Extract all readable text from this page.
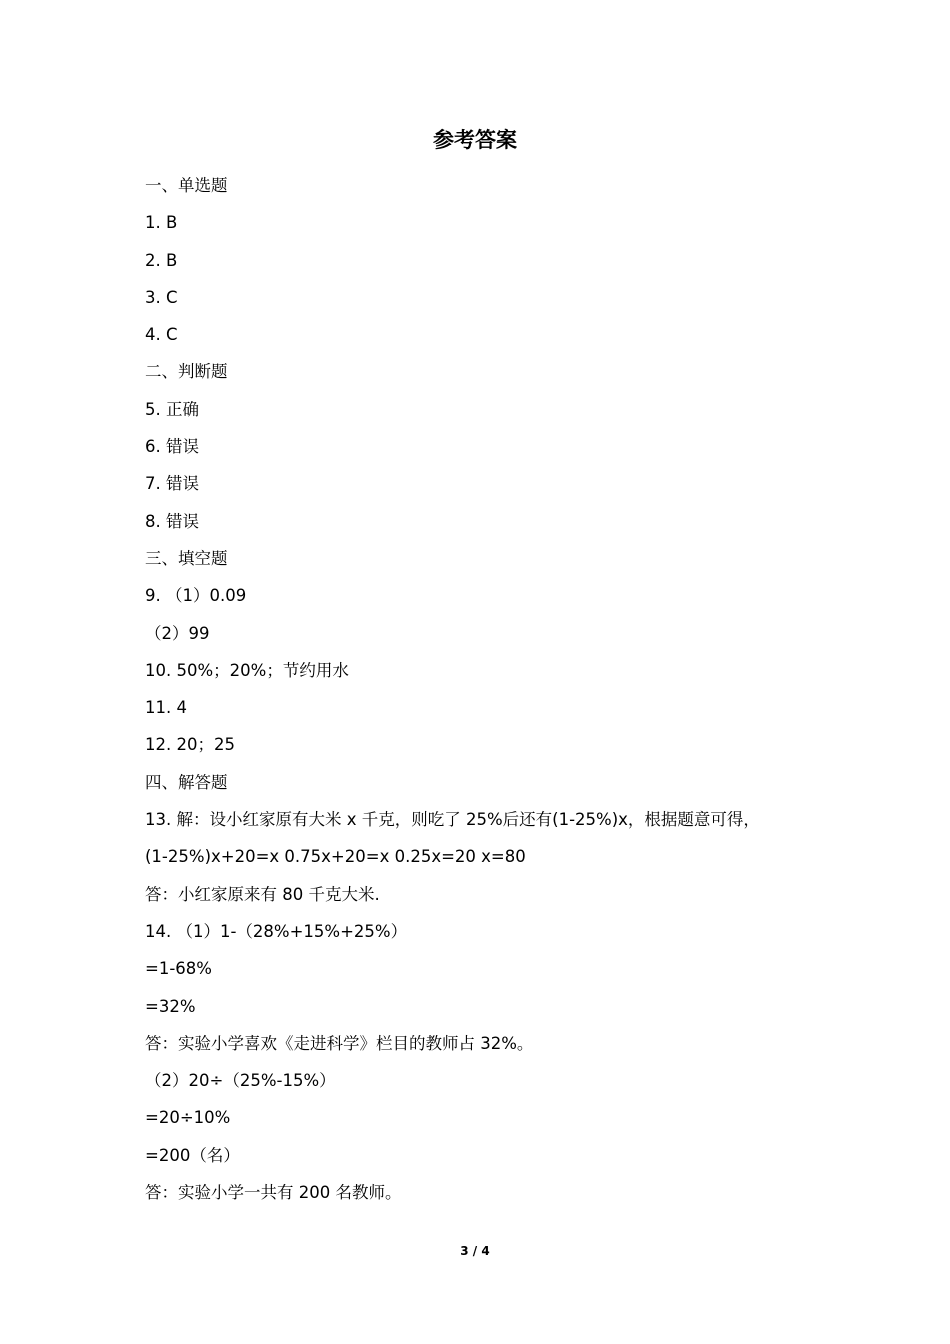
参考答案
一、单选题
1. B
2. B
3. C
4. C
二、判断题
5. 正确
6. 错误
7. 错误
8. 错误
三、填空题
9. （1）0.09
（2）99
10. 50%；20%；节约用水
11. 4
12. 20；25
四、解答题
13. 解：设小红家原有大米 x 千克，则吃了 25%后还有(1-25%)x，根据题意可得，
(1-25%)x+20=x 0.75x+20=x 0.25x=20 x=80
答：小红家原来有 80 千克大米.
14. （1）1-（28%+15%+25%）
=1-68%
=32%
答：实验小学喜欢《走进科学》栏目的教师占 32%。
（2）20÷（25%-15%）
=20÷10%
=200（名）
答：实验小学一共有 200 名教师。
3 / 4
